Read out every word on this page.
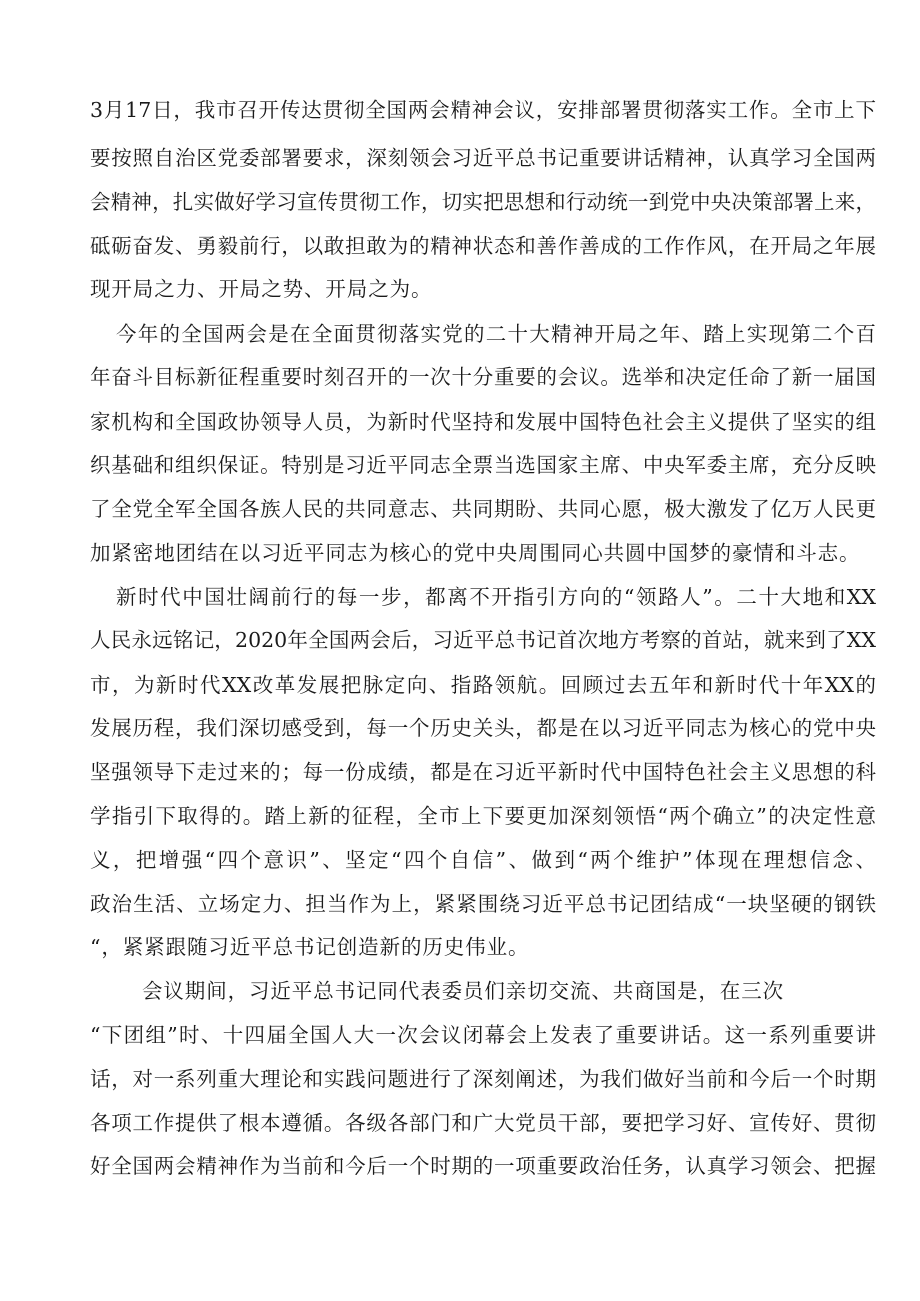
3月17日，我市召开传达贯彻全国两会精神会议，安排部署贯彻落实工作。全市上下
要按照自治区党委部署要求，深刻领会习近平总书记重要讲话精神，认真学习全国两
会精神，扎实做好学习宣传贯彻工作，切实把思想和行动统一到党中央决策部署上来，
砥砺奋发、勇毅前行，以敢担敢为的精神状态和善作善成的工作作风，在开局之年展
现开局之力、开局之势、开局之为。
今年的全国两会是在全面贯彻落实党的二十大精神开局之年、踏上实现第二个百
年奋斗目标新征程重要时刻召开的一次十分重要的会议。选举和决定任命了新一届国
家机构和全国政协领导人员，为新时代坚持和发展中国特色社会主义提供了坚实的组
织基础和组织保证。特别是习近平同志全票当选国家主席、中央军委主席，充分反映
了全党全军全国各族人民的共同意志、共同期盼、共同心愿，极大激发了亿万人民更
加紧密地团结在以习近平同志为核心的党中央周围同心共圆中国梦的豪情和斗志。
新时代中国壮阔前行的每一步，都离不开指引方向的“领路人”。二十大地和XX
人民永远铭记，2020年全国两会后，习近平总书记首次地方考察的首站，就来到了XX
市，为新时代XX改革发展把脉定向、指路领航。回顾过去五年和新时代十年XX的
发展历程，我们深切感受到，每一个历史关头，都是在以习近平同志为核心的党中央
坚强领导下走过来的；每一份成绩，都是在习近平新时代中国特色社会主义思想的科
学指引下取得的。踏上新的征程，全市上下要更加深刻领悟“两个确立”的决定性意
义，把增强“四个意识”、坚定“四个自信”、做到“两个维护”体现在理想信念、
政治生活、立场定力、担当作为上，紧紧围绕习近平总书记团结成“一块坚硬的钢铁
“，紧紧跟随习近平总书记创造新的历史伟业。
会议期间，习近平总书记同代表委员们亲切交流、共商国是，在三次
“下团组”时、十四届全国人大一次会议闭幕会上发表了重要讲话。这一系列重要讲
话，对一系列重大理论和实践问题进行了深刻阐述，为我们做好当前和今后一个时期
各项工作提供了根本遵循。各级各部门和广大党员干部，要把学习好、宣传好、贯彻
好全国两会精神作为当前和今后一个时期的一项重要政治任务，认真学习领会、把握
